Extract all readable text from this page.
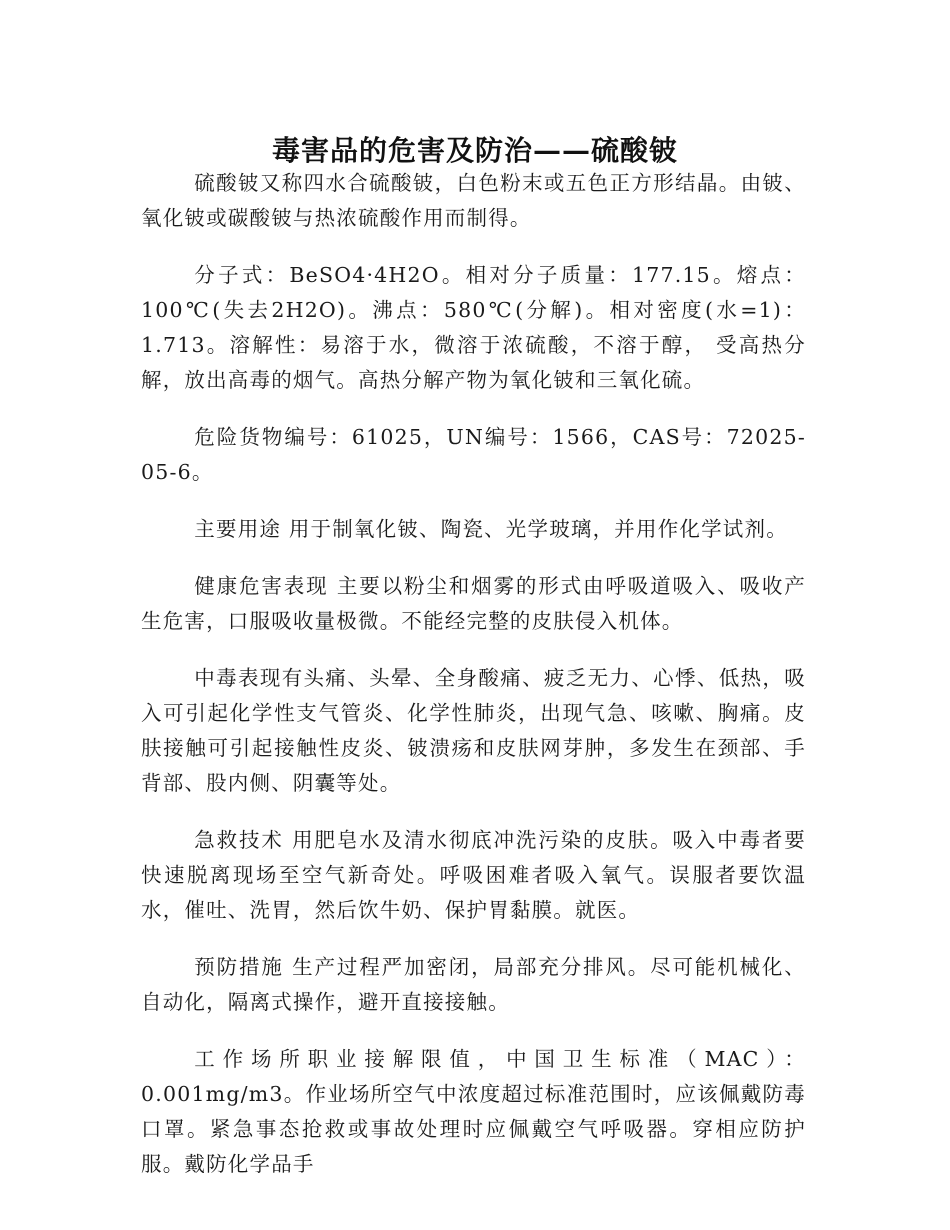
毒害品的危害及防治——硫酸铍

硫酸铍又称四水合硫酸铍，白色粉末或五色正方形结晶。由铍、氧化铍或碳酸铍与热浓硫酸作用而制得。

分子式：BeSO4·4H2O。相对分子质量：177.15。熔点：100℃(失去2H2O)。沸点：580℃(分解)。相对密度(水=1)：1.713。溶解性：易溶于水，微溶于浓硫酸，不溶于醇， 受高热分解，放出高毒的烟气。高热分解产物为氧化铍和三氧化硫。

危险货物编号：61025，UN编号：1566，CAS号：72025-05-6。

主要用途 用于制氧化铍、陶瓷、光学玻璃，并用作化学试剂。

健康危害表现 主要以粉尘和烟雾的形式由呼吸道吸入、吸收产生危害，口服吸收量极微。不能经完整的皮肤侵入机体。

中毒表现有头痛、头晕、全身酸痛、疲乏无力、心悸、低热，吸入可引起化学性支气管炎、化学性肺炎，出现气急、咳嗽、胸痛。皮肤接触可引起接触性皮炎、铍溃疡和皮肤网芽肿，多发生在颈部、手背部、股内侧、阴囊等处。

急救技术 用肥皂水及清水彻底冲洗污染的皮肤。吸入中毒者要快速脱离现场至空气新奇处。呼吸困难者吸入氧气。误服者要饮温水，催吐、洗胃，然后饮牛奶、保护胃黏膜。就医。

预防措施 生产过程严加密闭，局部充分排风。尽可能机械化、自动化，隔离式操作，避开直接接触。

工作场所职业接解限值，中国卫生标准（MAC）：0.001mg/m3。作业场所空气中浓度超过标准范围时，应该佩戴防毒口罩。紧急事态抢救或事故处理时应佩戴空气呼吸器。穿相应防护服。戴防化学品手
